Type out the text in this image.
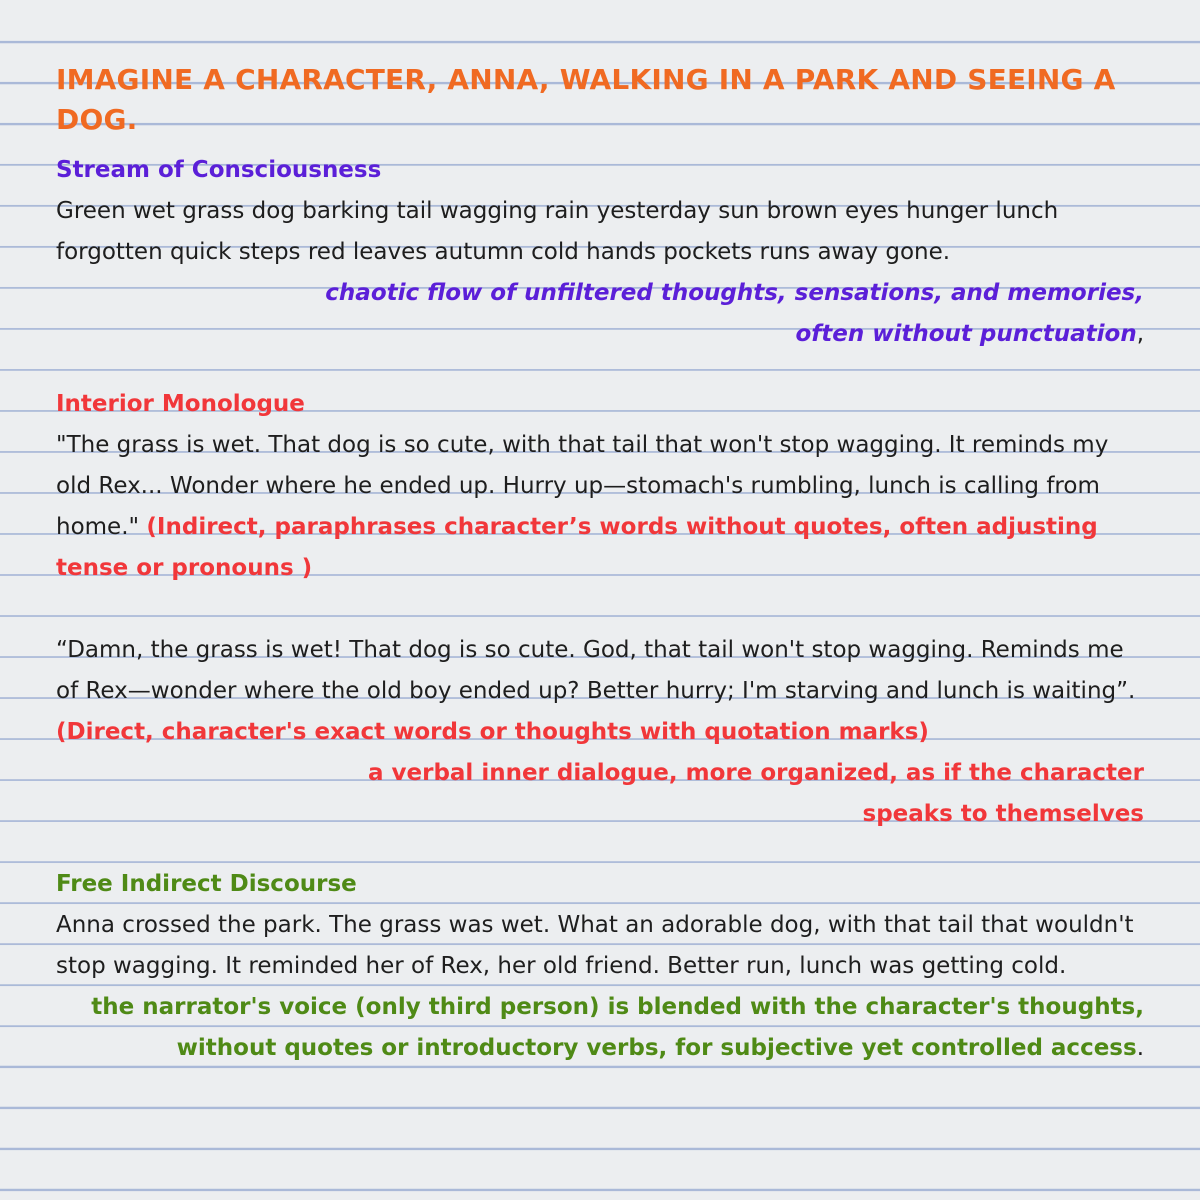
IMAGINE A CHARACTER, ANNA, WALKING IN A PARK AND SEEING A DOG.

Stream of Consciousness

Green wet grass dog barking tail wagging rain yesterday sun brown eyes hunger lunch forgotten quick steps red leaves autumn cold hands pockets runs away gone.

chaotic flow of unfiltered thoughts, sensations, and memories,
often without punctuation,

Interior Monologue

"The grass is wet. That dog is so cute, with that tail that won't stop wagging. It reminds my old Rex... Wonder where he ended up. Hurry up—stomach's rumbling, lunch is calling from home." (Indirect, paraphrases character’s words without quotes, often adjusting tense or pronouns )

“Damn, the grass is wet! That dog is so cute. God, that tail won't stop wagging. Reminds me of Rex—wonder where the old boy ended up? Better hurry; I'm starving and lunch is waiting”. (Direct, character's exact words or thoughts with quotation marks)

a verbal inner dialogue, more organized, as if the character
speaks to themselves

Free Indirect Discourse

Anna crossed the park. The grass was wet. What an adorable dog, with that tail that wouldn't stop wagging. It reminded her of Rex, her old friend. Better run, lunch was getting cold.

the narrator's voice (only third person) is blended with the character's thoughts,
without quotes or introductory verbs, for subjective yet controlled access.
